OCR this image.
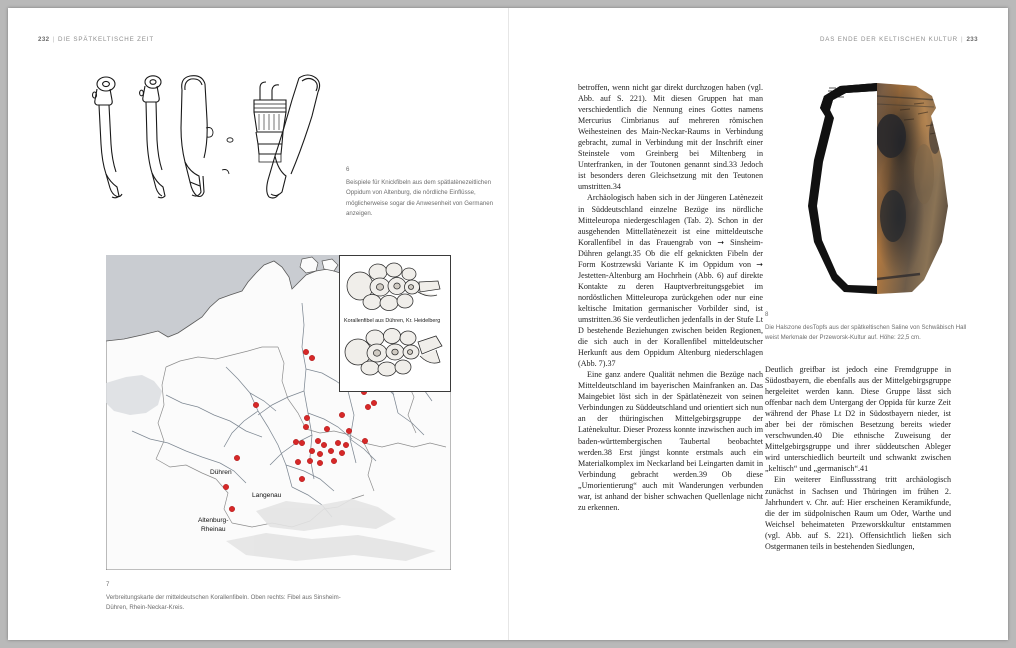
232 | DIE SPÄTKELTISCHE ZEIT	DAS ENDE DER KELTISCHEN KULTUR | 233
6
Beispiele für Knickfibeln aus dem spätlatènezeitlichen Oppidum von Altenburg, die nördliche Einflüsse, möglicherweise sogar die Anwesenheit von Germanen anzeigen.
Dühren
Langenau
Altenburg-
Rheinau
Korallenfibel aus Dühren, Kr. Heidelberg
7
Verbreitungskarte der mitteldeutschen Korallenfibeln. Oben rechts: Fibel aus Sinsheim-Dühren, Rhein-Neckar-Kreis.

betroffen, wenn nicht gar direkt durchzogen haben (vgl. Abb. auf S. 221). Mit diesen Gruppen hat man verschiedentlich die Nennung eines Gottes namens Mercurius Cimbrianus auf mehreren römischen Weihesteinen des Main-Neckar-Raums in Verbindung gebracht, zumal in Verbindung mit der Inschrift einer Steinstele vom Greinberg bei Miltenberg in Unterfranken, in der Toutonen genannt sind.33 Jedoch ist besonders deren Gleichsetzung mit den Teutonen umstritten.34

Archäologisch haben sich in der Jüngeren Latènezeit in Süddeutschland einzelne Bezüge ins nördliche Mitteleuropa niedergeschlagen (Tab. 2). Schon in der ausgehenden Mittellatènezeit ist eine mitteldeutsche Korallenfibel in das Frauengrab von ➞ Sinsheim-Dühren gelangt.35 Ob die elf geknickten Fibeln der Form Kostrzewski Variante K im Oppidum von ➞ Jestetten-Altenburg am Hochrhein (Abb. 6) auf direkte Kontakte zu deren Hauptverbreitungsgebiet im nordöstlichen Mitteleuropa zurückgehen oder nur eine keltische Imitation germanischer Vorbilder sind, ist umstritten.36 Sie verdeutlichen jedenfalls in der Stufe Lt D bestehende Beziehungen zwischen beiden Regionen, die sich auch in der Korallenfibel mitteldeutscher Herkunft aus dem Oppidum Altenburg niederschlagen (Abb. 7).37

Eine ganz andere Qualität nehmen die Bezüge nach Mitteldeutschland im bayerischen Mainfranken an. Das Maingebiet löst sich in der Spätlatènezeit von seinen Verbindungen zu Süddeutschland und orientiert sich nun an der thüringischen Mittelgebirgsgruppe der Latènekultur. Dieser Prozess konnte inzwischen auch im baden-württembergischen Taubertal beobachtet werden.38 Erst jüngst konnte erstmals auch ein Materialkomplex im Neckarland bei Leingarten damit in Verbindung gebracht werden.39 Ob diese „Umorientierung“ auch mit Wanderungen verbunden war, ist anhand der bisher schwachen Quellenlage nicht zu erkennen.

8
Die Halszone desTopfs aus der spätkeltischen Saline von Schwäbisch Hall weist Merkmale der Przeworsk-Kultur auf. Höhe: 22,5 cm.

Deutlich greifbar ist jedoch eine Fremdgruppe in Südostbayern, die ebenfalls aus der Mittelgebirgsgruppe hergeleitet werden kann. Diese Gruppe lässt sich offenbar nach dem Untergang der Oppida für kurze Zeit während der Phase Lt D2 in Südostbayern nieder, ist aber bei der römischen Besetzung bereits wieder verschwunden.40 Die ethnische Zuweisung der Mittelgebirgsgruppe und ihrer süddeutschen Ableger wird unterschiedlich beurteilt und schwankt zwischen „keltisch“ und „germanisch“.41

Ein weiterer Einflussstrang tritt archäologisch zunächst in Sachsen und Thüringen im frühen 2. Jahrhundert v. Chr. auf: Hier erscheinen Keramikfunde, die der im südpolnischen Raum um Oder, Warthe und Weichsel beheimateten Przeworskkultur entstammen (vgl. Abb. auf S. 221). Offensichtlich ließen sich Ostgermanen teils in bestehenden Siedlungen,
